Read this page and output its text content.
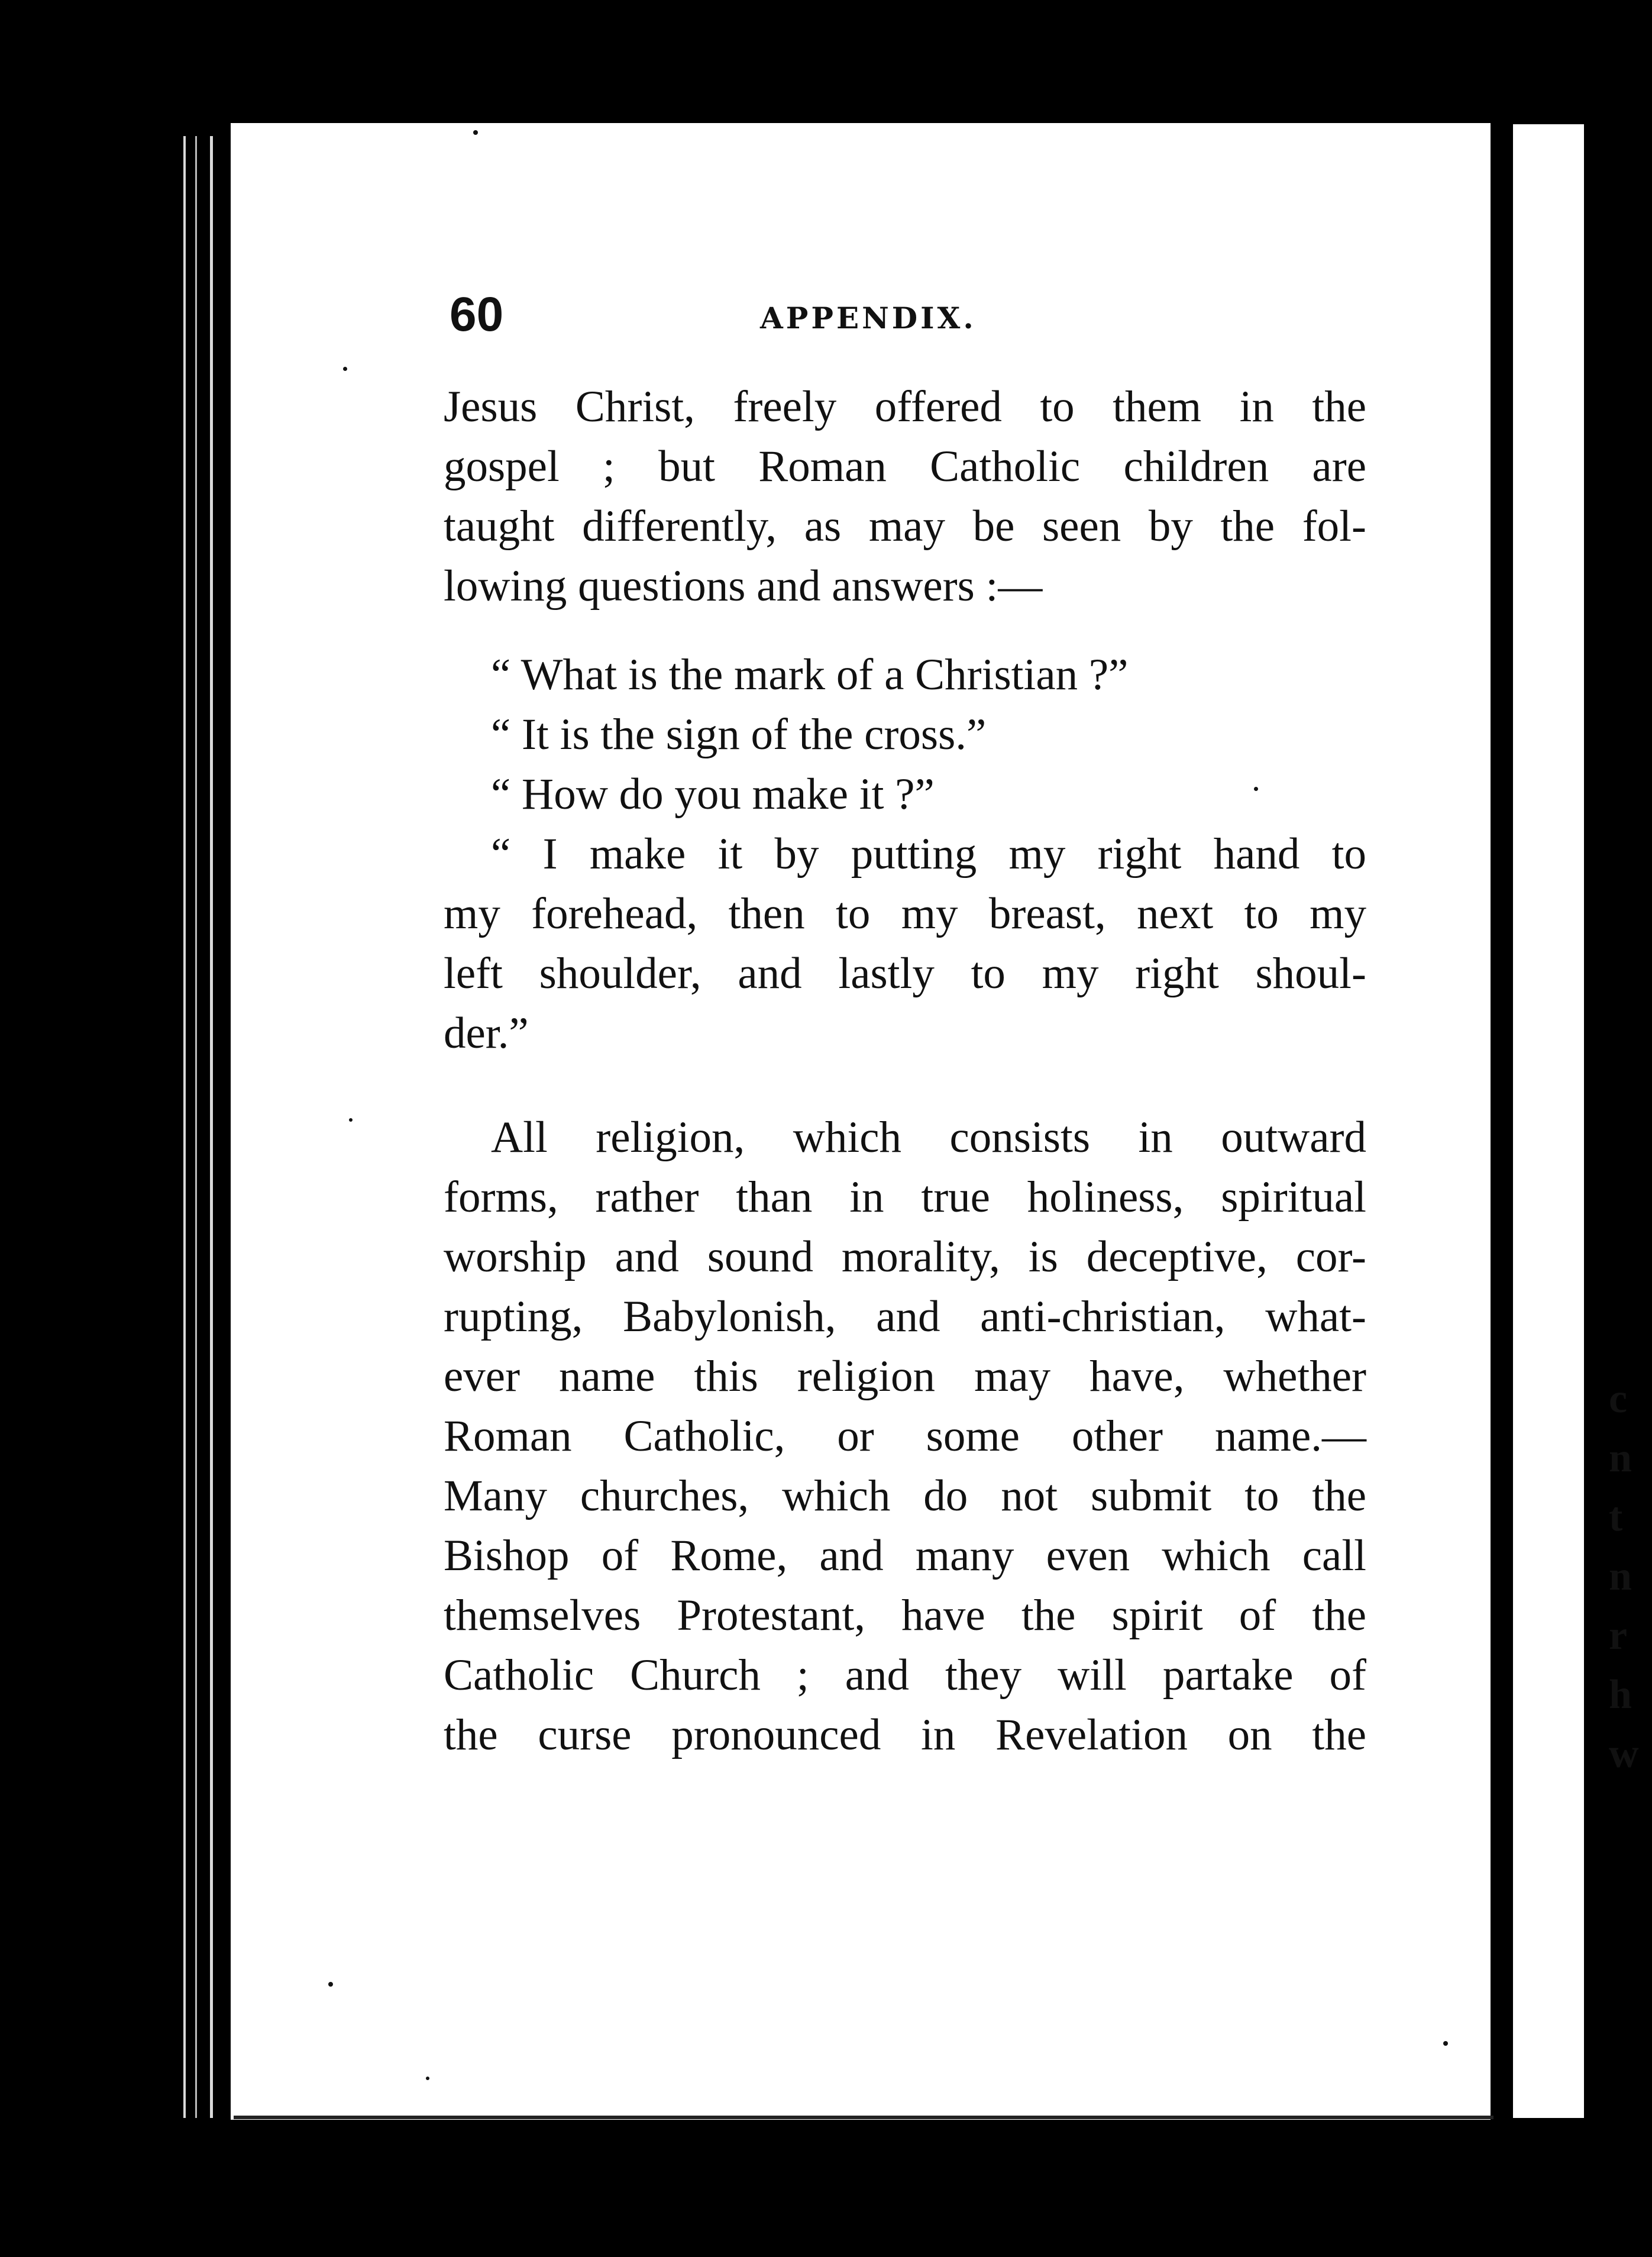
60	APPENDIX.
Jesus Christ, freely offered to them in the
gospel ; but Roman Catholic children are
taught differently, as may be seen by the fol-
lowing questions and answers :—
“ What is the mark of a Christian ?”
“ It is the sign of the cross.”
“ How do you make it ?”
“ I make it by putting my right hand to
my forehead, then to my breast, next to my
left shoulder, and lastly to my right shoul-
der.”
All religion, which consists in outward
forms, rather than in true holiness, spiritual
worship and sound morality, is deceptive, cor-
rupting, Babylonish, and anti-christian, what-
ever name this religion may have, whether
Roman Catholic, or some other name.—
Many churches, which do not submit to the
Bishop of Rome, and many even which call
themselves Protestant, have the spirit of the
Catholic Church ; and they will partake of
the curse pronounced in Revelation on the
c
n
t
n
r
h
w
